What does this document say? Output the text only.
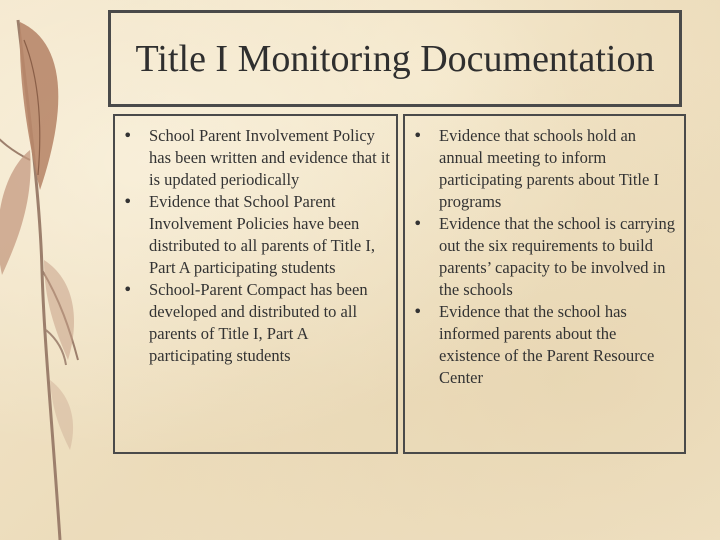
Title I Monitoring Documentation
•	School Parent Involvement Policy has been written and evidence that it is updated periodically
•	Evidence that School Parent Involvement Policies have been distributed to all parents of Title I, Part A participating students
•	School-Parent Compact has been developed and distributed to all parents of Title I, Part A participating students
•	Evidence that schools hold an annual meeting to inform participating parents about Title I programs
•	Evidence that the school is carrying out the six requirements to build parents’ capacity to be involved in the schools
•	Evidence that the school has informed parents about the existence of the Parent Resource Center
